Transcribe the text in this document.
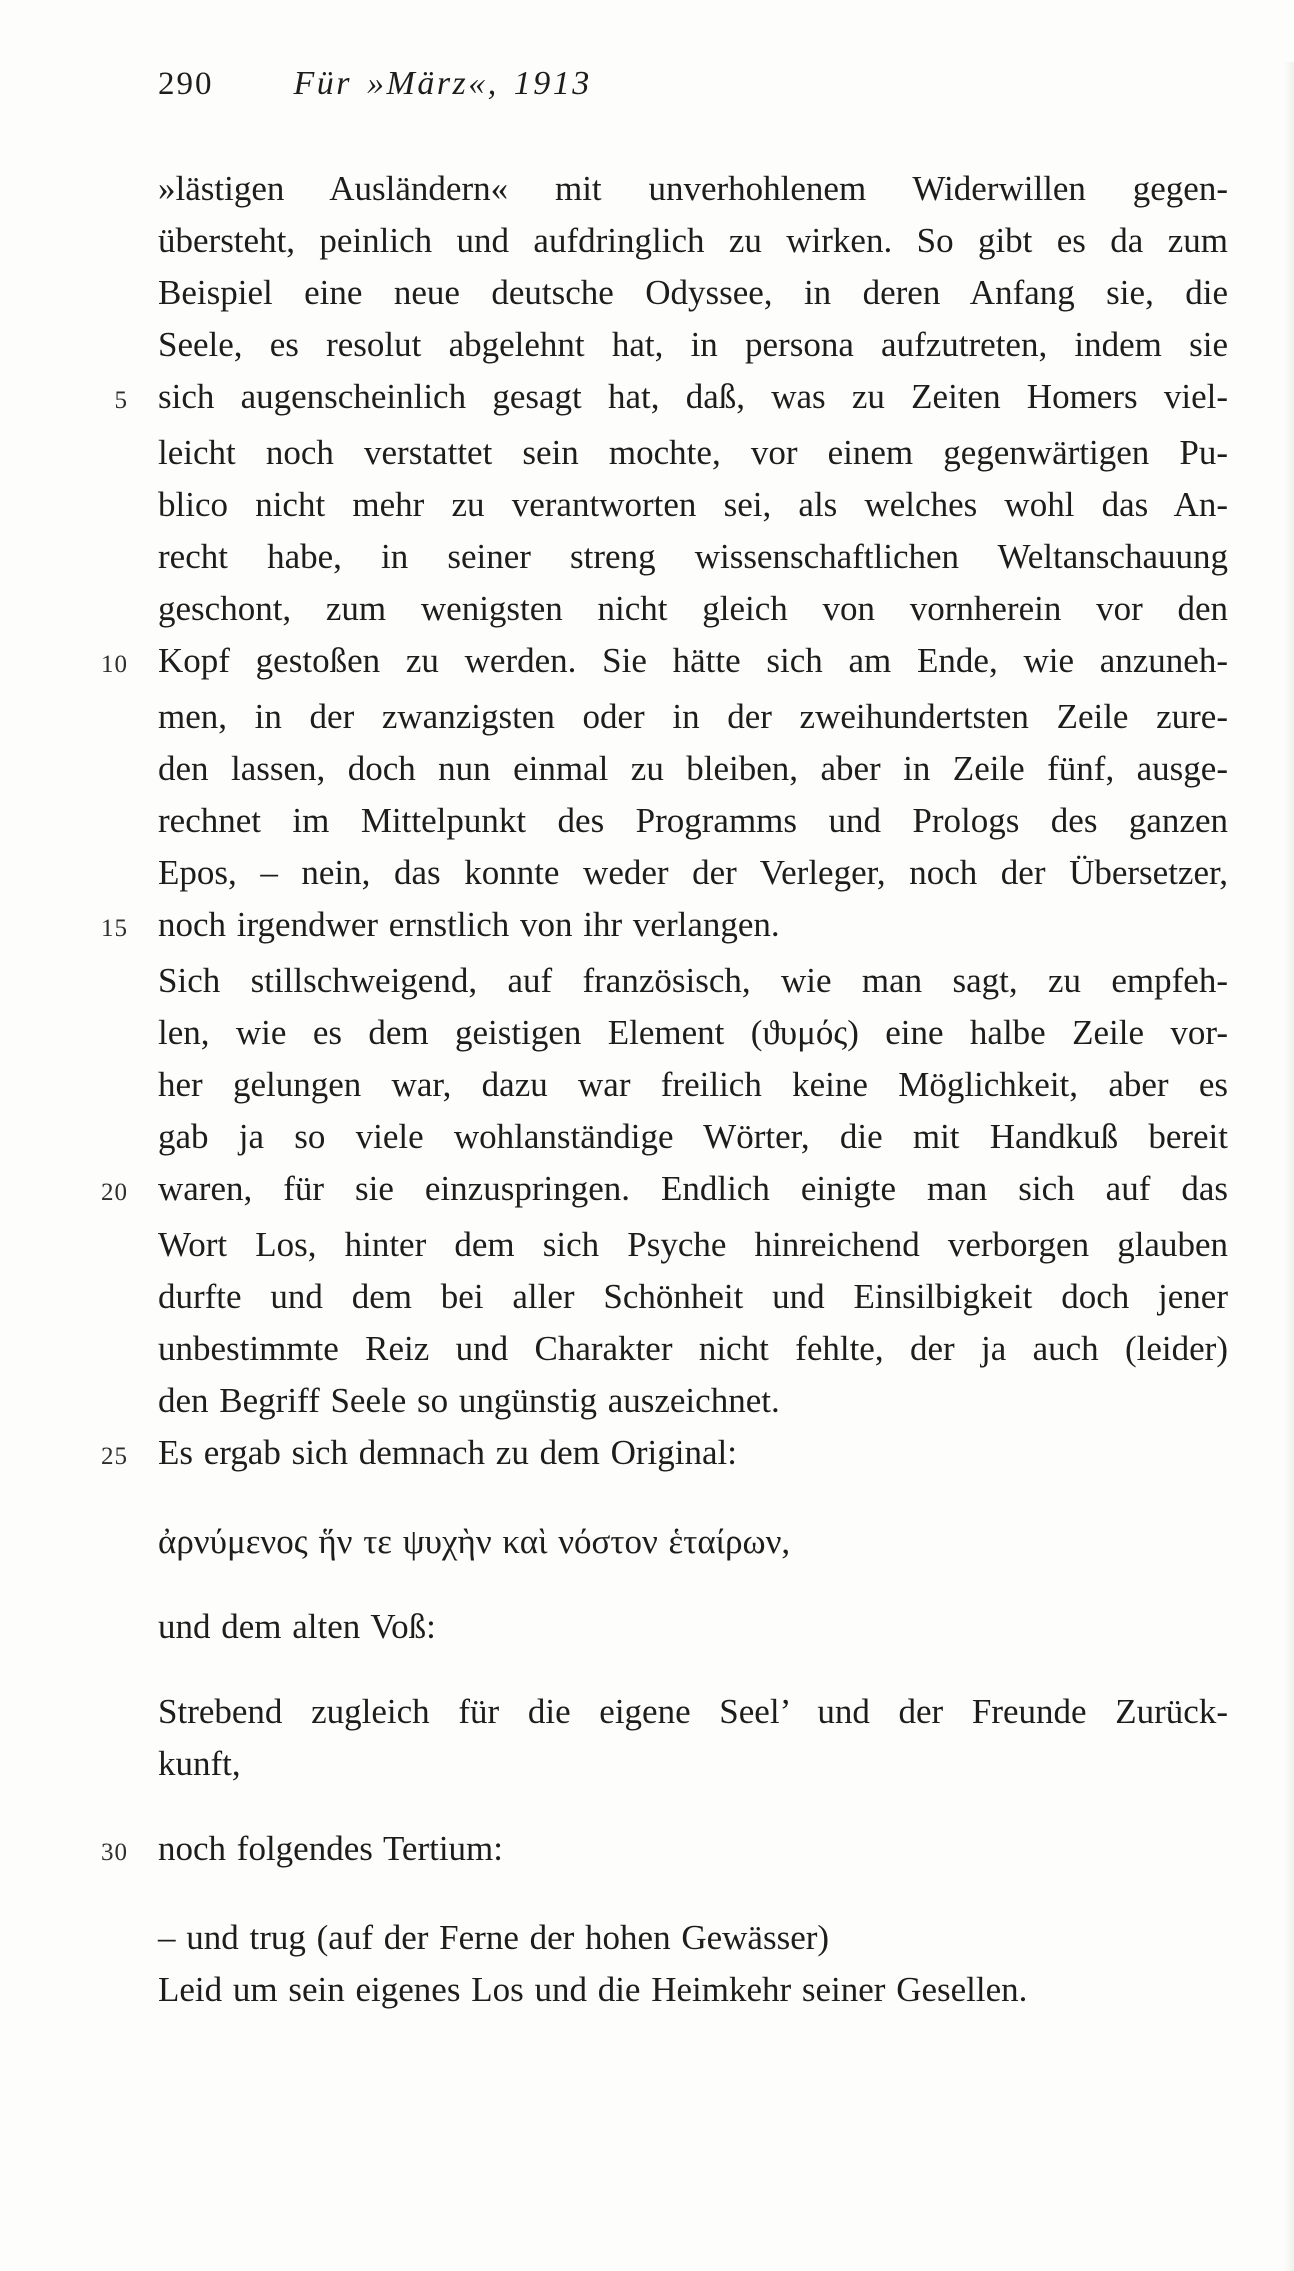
290 Für »März«, 1913
»lästigen Ausländern« mit unverhohlenem Widerwillen gegen-
übersteht, peinlich und aufdringlich zu wirken. So gibt es da zum
Beispiel eine neue deutsche Odyssee, in deren Anfang sie, die
Seele, es resolut abgelehnt hat, in persona aufzutreten, indem sie
5 sich augenscheinlich gesagt hat, daß, was zu Zeiten Homers viel-
leicht noch verstattet sein mochte, vor einem gegenwärtigen Pu-
blico nicht mehr zu verantworten sei, als welches wohl das An-
recht habe, in seiner streng wissenschaftlichen Weltanschauung
geschont, zum wenigsten nicht gleich von vornherein vor den
10 Kopf gestoßen zu werden. Sie hätte sich am Ende, wie anzuneh-
men, in der zwanzigsten oder in der zweihundertsten Zeile zure-
den lassen, doch nun einmal zu bleiben, aber in Zeile fünf, ausge-
rechnet im Mittelpunkt des Programms und Prologs des ganzen
Epos, – nein, das konnte weder der Verleger, noch der Übersetzer,
15 noch irgendwer ernstlich von ihr verlangen.
Sich stillschweigend, auf französisch, wie man sagt, zu empfeh-
len, wie es dem geistigen Element (ϑυμός) eine halbe Zeile vor-
her gelungen war, dazu war freilich keine Möglichkeit, aber es
gab ja so viele wohlanständige Wörter, die mit Handkuß bereit
20 waren, für sie einzuspringen. Endlich einigte man sich auf das
Wort Los, hinter dem sich Psyche hinreichend verborgen glauben
durfte und dem bei aller Schönheit und Einsilbigkeit doch jener
unbestimmte Reiz und Charakter nicht fehlte, der ja auch (leider)
den Begriff Seele so ungünstig auszeichnet.
25 Es ergab sich demnach zu dem Original:
ἀρνύμενος ἥν τε ψυχὴν καὶ νόστον ἑταίρων,
und dem alten Voß:
Strebend zugleich für die eigene Seel’ und der Freunde Zurück-
kunft,
30 noch folgendes Tertium:
– und trug (auf der Ferne der hohen Gewässer)
Leid um sein eigenes Los und die Heimkehr seiner Gesellen.
